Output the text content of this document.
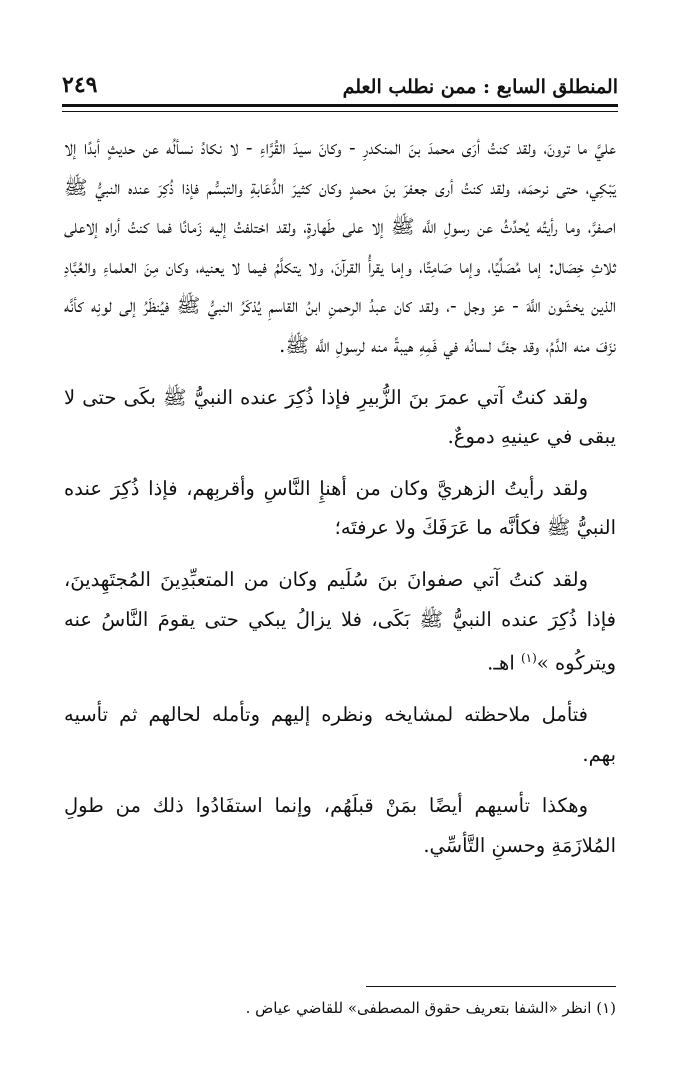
المنطلق السابع : ممن نطلب العلم
٢٤٩

عليَّ ما ترونَ، ولقد كنتُ أرَى محمدَ بنَ المنكدرِ - وكانَ سيدَ القُرَّاءِ - لا نكادُ نسألُه عن حديثٍ أبدًا إلا يَبْكِي، حتى نرحمَه، ولقد كنتُ أرى جعفرَ بنَ محمدٍ وكان كثيرَ الدُّعَابةِ والتبسُّم فإذا ذُكِرَ عنده النبيُّ ﷺ اصفرَّ، وما رأيتُه يُحدِّثُ عن رسولِ اللَّه ﷺ إلا على طَهارةٍ، ولقد اختلفتُ إليه زَمانًا فما كنتُ أراه إلاعلى ثلاثِ خِصَال: إما مُصَلِّيًا، وإما صَامِتًا، وإما يقرأُ القرآنَ، ولا يتكلَّمُ فيما لا يعنيه، وكان مِنَ العلماءِ والعُبَّادِ الذين يخشَون اللَّهَ - عز وجل -، ولقد كان عبدُ الرحمنِ ابنُ القاسمِ يُذكَرُ النبيُّ ﷺ فيُنظَرُ إلى لونِه كأنَّه نزَفَ منه الدَّمُ، وقد جفَّ لسانُه في فَمِهِ هيبةً منه لرسولِ اللَّه ﷺ.

ولقد كنتُ آتي عمرَ بنَ الزُّبيرِ فإذا ذُكِرَ عنده النبيُّ ﷺ بكَى حتى لا يبقى في عينيهِ دموعٌ.

ولقد رأيتُ الزهريَّ وكان من أهنإِ النَّاسِ وأقربِهم، فإذا ذُكِرَ عنده النبيُّ ﷺ فكأنَّه ما عَرَفَكَ ولا عرفتَه؛

ولقد كنتُ آتي صفوانَ بنَ سُلَيم وكان من المتعبِّدِينَ المُجتَهِدينَ، فإذا ذُكِرَ عنده النبيُّ ﷺ بَكَى، فلا يزالُ يبكي حتى يقومَ النَّاسُ عنه ويتركُوه »$^{(١)}$ اهـ.

فتأمل ملاحظته لمشايخه ونظره إليهم وتأمله لحالهم ثم تأسيه بهم.

وهكذا تأسيهم أيضًا بمَنْ قبلَهُم، وإنما استفَادُوا ذلك من طولِ المُلازَمَةِ وحسنِ التَّأسِّي.

(١) انظر «الشفا بتعريف حقوق المصطفى» للقاضي عياض .
